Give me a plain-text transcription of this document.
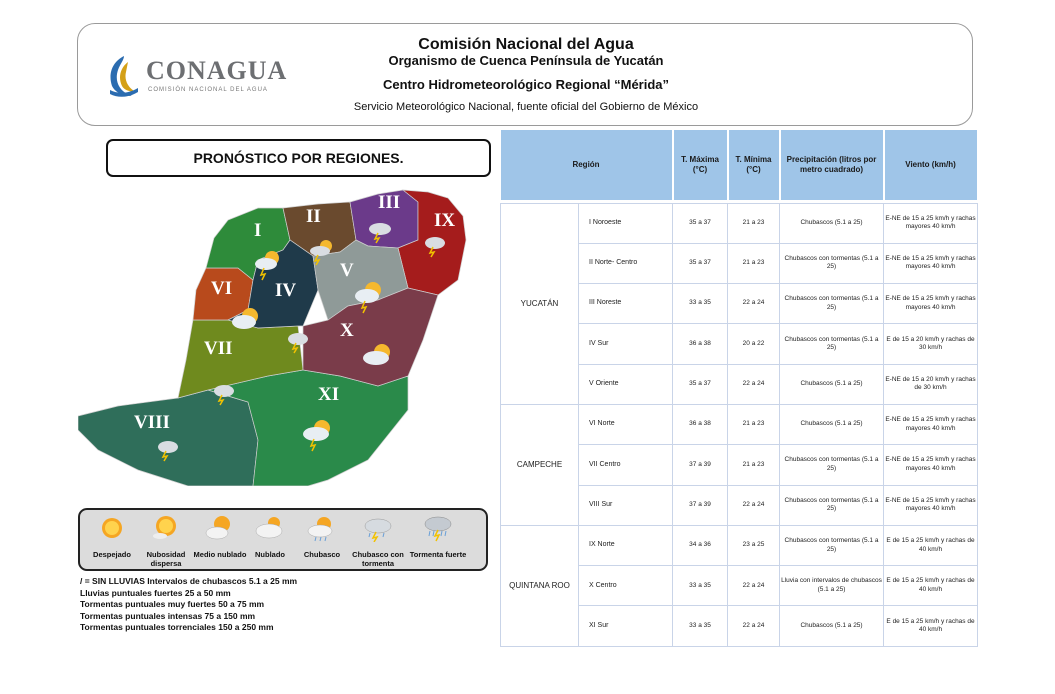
CONAGUA
COMISIÓN NACIONAL DEL AGUA
Comisión Nacional del Agua
Organismo de Cuenca Península de Yucatán
Centro Hidrometeorológico Regional “Mérida”
Servicio Meteorológico Nacional, fuente oficial del Gobierno de México
PRONÓSTICO POR REGIONES.
I
II
III
IV
V
VI
VII
VIII
IX
X
XI
Despejado	Nubosidad dispersa
Medio nublado	Nublado	Chubasco	Chubasco con tormenta
Tormenta fuerte
/ = SIN LLUVIAS Intervalos de chubascos 5.1 a 25 mm
Lluvias puntuales fuertes 25 a 50 mm
Tormentas puntuales muy fuertes 50 a 75 mm
Tormentas puntuales intensas 75 a 150 mm
Tormentas puntuales torrenciales 150 a 250 mm
Región		T. Máxima (°C)	T. Mínima (°C)	Precipitación (litros por metro cuadrado)	Viento (km/h)

YUCATÁN	I Noroeste	35 a 37	21 a 23	Chubascos (5.1 a 25)	E-NE de 15 a 25 km/h y rachas mayores 40 km/h
	II Norte- Centro	35 a 37	21 a 23	Chubascos con tormentas (5.1 a 25)	E-NE de 15 a 25 km/h y rachas mayores 40 km/h
	III Noreste	33 a 35	22 a 24	Chubascos con tormentas (5.1 a 25)	E-NE de 15 a 25 km/h y rachas mayores 40 km/h
	IV Sur	36 a 38	20 a 22	Chubascos con tormentas (5.1 a 25)	E de 15 a 20 km/h y rachas de 30 km/h
	V Oriente	35 a 37	22 a 24	Chubascos (5.1 a 25)	E-NE de 15 a 20 km/h y rachas de 30 km/h
CAMPECHE	VI Norte	36 a 38	21 a 23	Chubascos (5.1 a 25)	E-NE de 15 a 25 km/h y rachas mayores 40 km/h
	VII Centro	37 a 39	21 a 23	Chubascos con tormentas (5.1 a 25)	E-NE de 15 a 25 km/h y rachas mayores 40 km/h
	VIII Sur	37 a 39	22 a 24	Chubascos con tormentas (5.1 a 25)	E-NE de 15 a 25 km/h y rachas mayores 40 km/h
QUINTANA ROO	IX Norte	34 a 36	23 a 25	Chubascos con tormentas (5.1 a 25)	E de 15 a 25 km/h y rachas de 40 km/h
	X Centro	33 a 35	22 a 24	Lluvia con intervalos de chubascos (5.1 a 25)	E de 15 a 25 km/h y rachas de 40 km/h
	XI Sur	33 a 35	22 a 24	Chubascos (5.1 a 25)	E de 15 a 25 km/h y rachas de 40 km/h
